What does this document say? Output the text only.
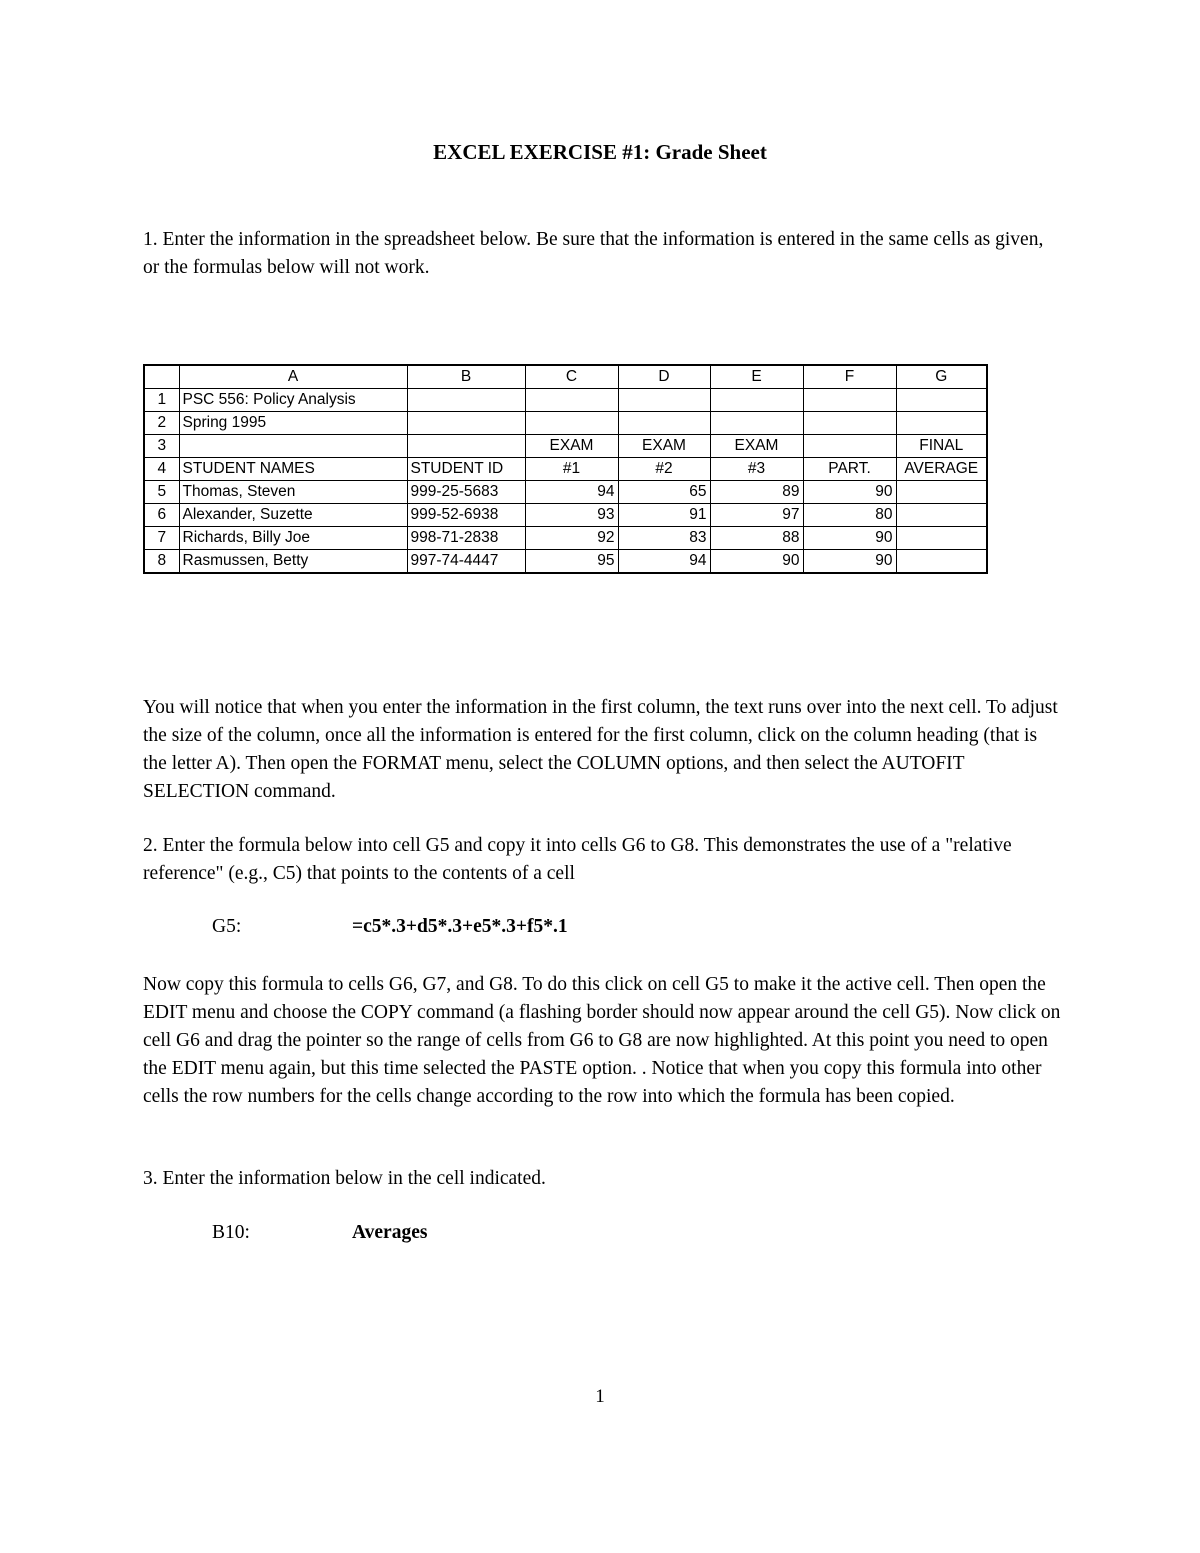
EXCEL EXERCISE #1: Grade Sheet

1. Enter the information in the spreadsheet below. Be sure that the information is entered in the same cells as given, or the formulas below will not work.

	A	B	C	D	E	F	G
1	PSC 556: Policy Analysis						
2	Spring 1995						
3			EXAM	EXAM	EXAM		FINAL
4	STUDENT NAMES	STUDENT ID	#1	#2	#3	PART.	AVERAGE
5	Thomas, Steven	999-25-5683	94	65	89	90	
6	Alexander, Suzette	999-52-6938	93	91	97	80	
7	Richards, Billy Joe	998-71-2838	92	83	88	90	
8	Rasmussen, Betty	997-74-4447	95	94	90	90	

You will notice that when you enter the information in the first column, the text runs over into the next cell. To adjust the size of the column, once all the information is entered for the first column, click on the column heading (that is the letter A). Then open the FORMAT menu, select the COLUMN options, and then select the AUTOFIT SELECTION command.

2. Enter the formula below into cell G5 and copy it into cells G6 to G8. This demonstrates the use of a "relative reference" (e.g., C5) that points to the contents of a cell

G5:	=c5*.3+d5*.3+e5*.3+f5*.1

Now copy this formula to cells G6, G7, and G8. To do this click on cell G5 to make it the active cell. Then open the EDIT menu and choose the COPY command (a flashing border should now appear around the cell G5). Now click on cell G6 and drag the pointer so the range of cells from G6 to G8 are now highlighted. At this point you need to open the EDIT menu again, but this time selected the PASTE option. . Notice that when you copy this formula into other cells the row numbers for the cells change according to the row into which the formula has been copied.

3. Enter the information below in the cell indicated.

B10:	Averages
1
